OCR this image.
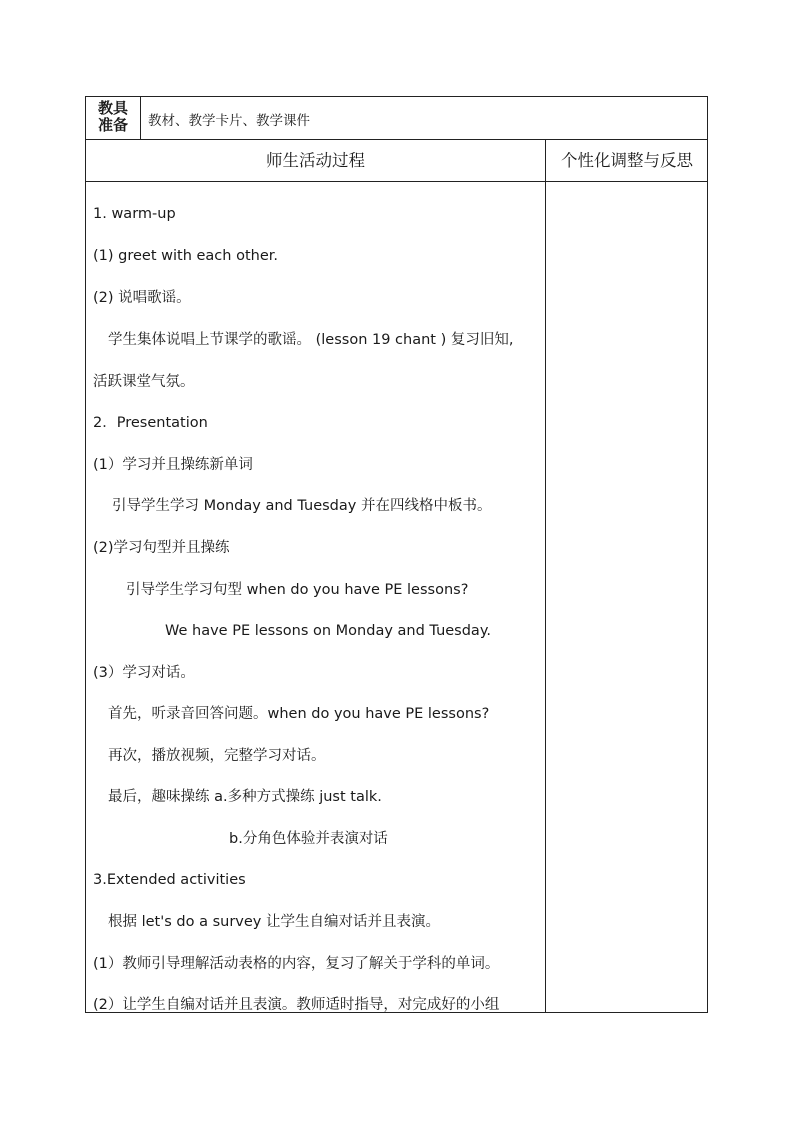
教具
准备	教材、教学卡片、教学课件
师生活动过程	个性化调整与反思
1. warm-up
(1) greet with each other.
(2) 说唱歌谣。
学生集体说唱上节课学的歌谣。 (lesson 19 chant ) 复习旧知,
活跃课堂气氛。
2．Presentation
(1）学习并且操练新单词
引导学生学习 Monday and Tuesday 并在四线格中板书。
(2)学习句型并且操练
引导学生学习句型 when do you have PE lessons?
We have PE lessons on Monday and Tuesday.
(3）学习对话。
首先，听录音回答问题。when do you have PE lessons?
再次，播放视频，完整学习对话。
最后，趣味操练 a.多种方式操练 just talk.
b.分角色体验并表演对话
3.Extended activities
根据 let's do a survey 让学生自编对话并且表演。
(1）教师引导理解活动表格的内容，复习了解关于学科的单词。
(2）让学生自编对话并且表演。教师适时指导，对完成好的小组
